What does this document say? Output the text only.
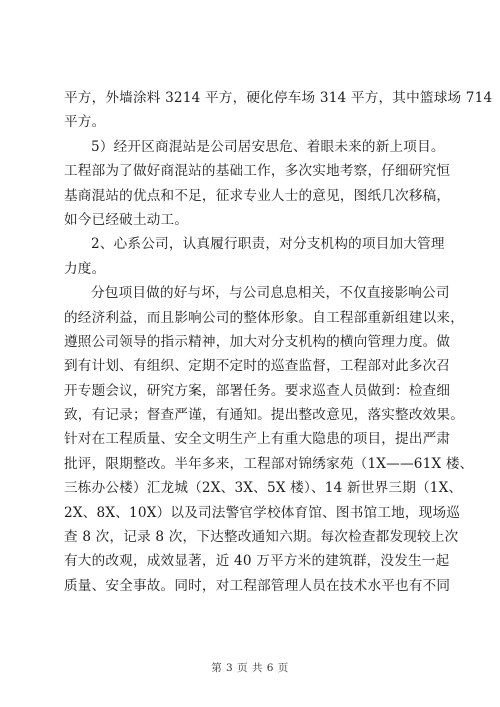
平方，外墙涂料 3214 平方，硬化停车场 314 平方，其中篮球场 714
平方。
5）经开区商混站是公司居安思危、着眼未来的新上项目。
工程部为了做好商混站的基础工作，多次实地考察，仔细研究恒
基商混站的优点和不足，征求专业人士的意见，图纸几次移稿，
如今已经破土动工。
2、心系公司，认真履行职责，对分支机构的项目加大管理
力度。
分包项目做的好与坏，与公司息息相关，不仅直接影响公司
的经济利益，而且影响公司的整体形象。自工程部重新组建以来，
遵照公司领导的指示精神，加大对分支机构的横向管理力度。做
到有计划、有组织、定期不定时的巡查监督，工程部对此多次召
开专题会议，研究方案，部署任务。要求巡查人员做到：检查细
致，有记录；督查严谨，有通知。提出整改意见，落实整改效果。
针对在工程质量、安全文明生产上有重大隐患的项目，提出严肃
批评，限期整改。半年多来，工程部对锦绣家苑（1X——61X 楼、
三栋办公楼）汇龙城（2X、3X、5X 楼）、14 新世界三期（1X、
2X、8X、10X）以及司法警官学校体育馆、图书馆工地，现场巡
查 8 次，记录 8 次，下达整改通知六期。每次检查都发现较上次
有大的改观，成效显著，近 40 万平方米的建筑群，没发生一起
质量、安全事故。同时，对工程部管理人员在技术水平也有不同
第 3 页 共 6 页
